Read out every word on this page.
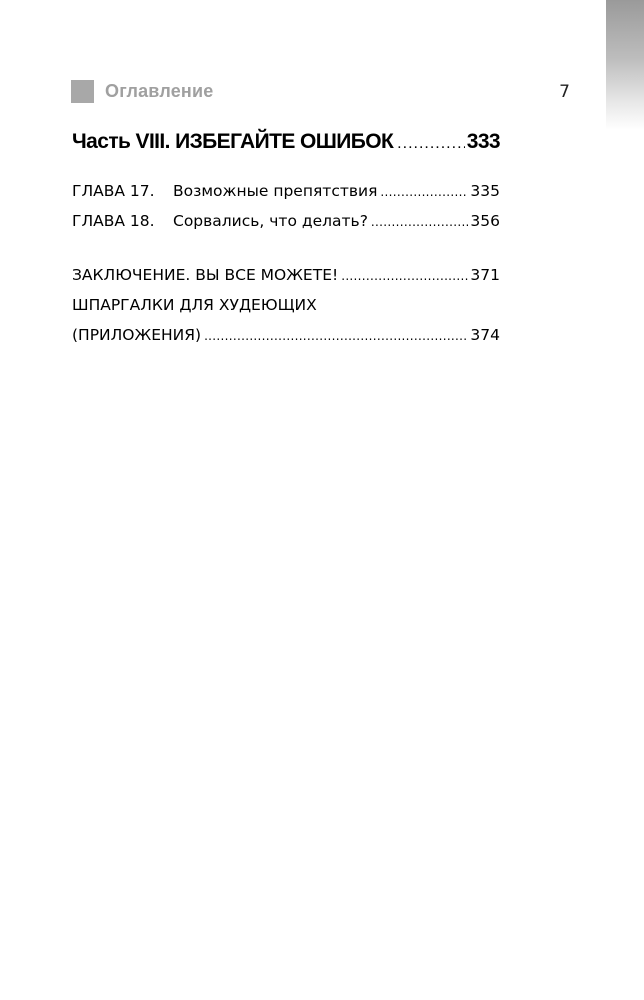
7
Оглавление
Часть VIII. ИЗБЕГАЙТЕ ОШИБОК .....	333
ГЛАВА 17.	Возможные препятствия .....	335
ГЛАВА 18.	Сорвались, что делать? .....	356
ЗАКЛЮЧЕНИЕ. ВЫ ВСЕ МОЖЕТЕ! .....	371
ШПАРГАЛКИ ДЛЯ ХУДЕЮЩИХ
(ПРИЛОЖЕНИЯ) .....	374
